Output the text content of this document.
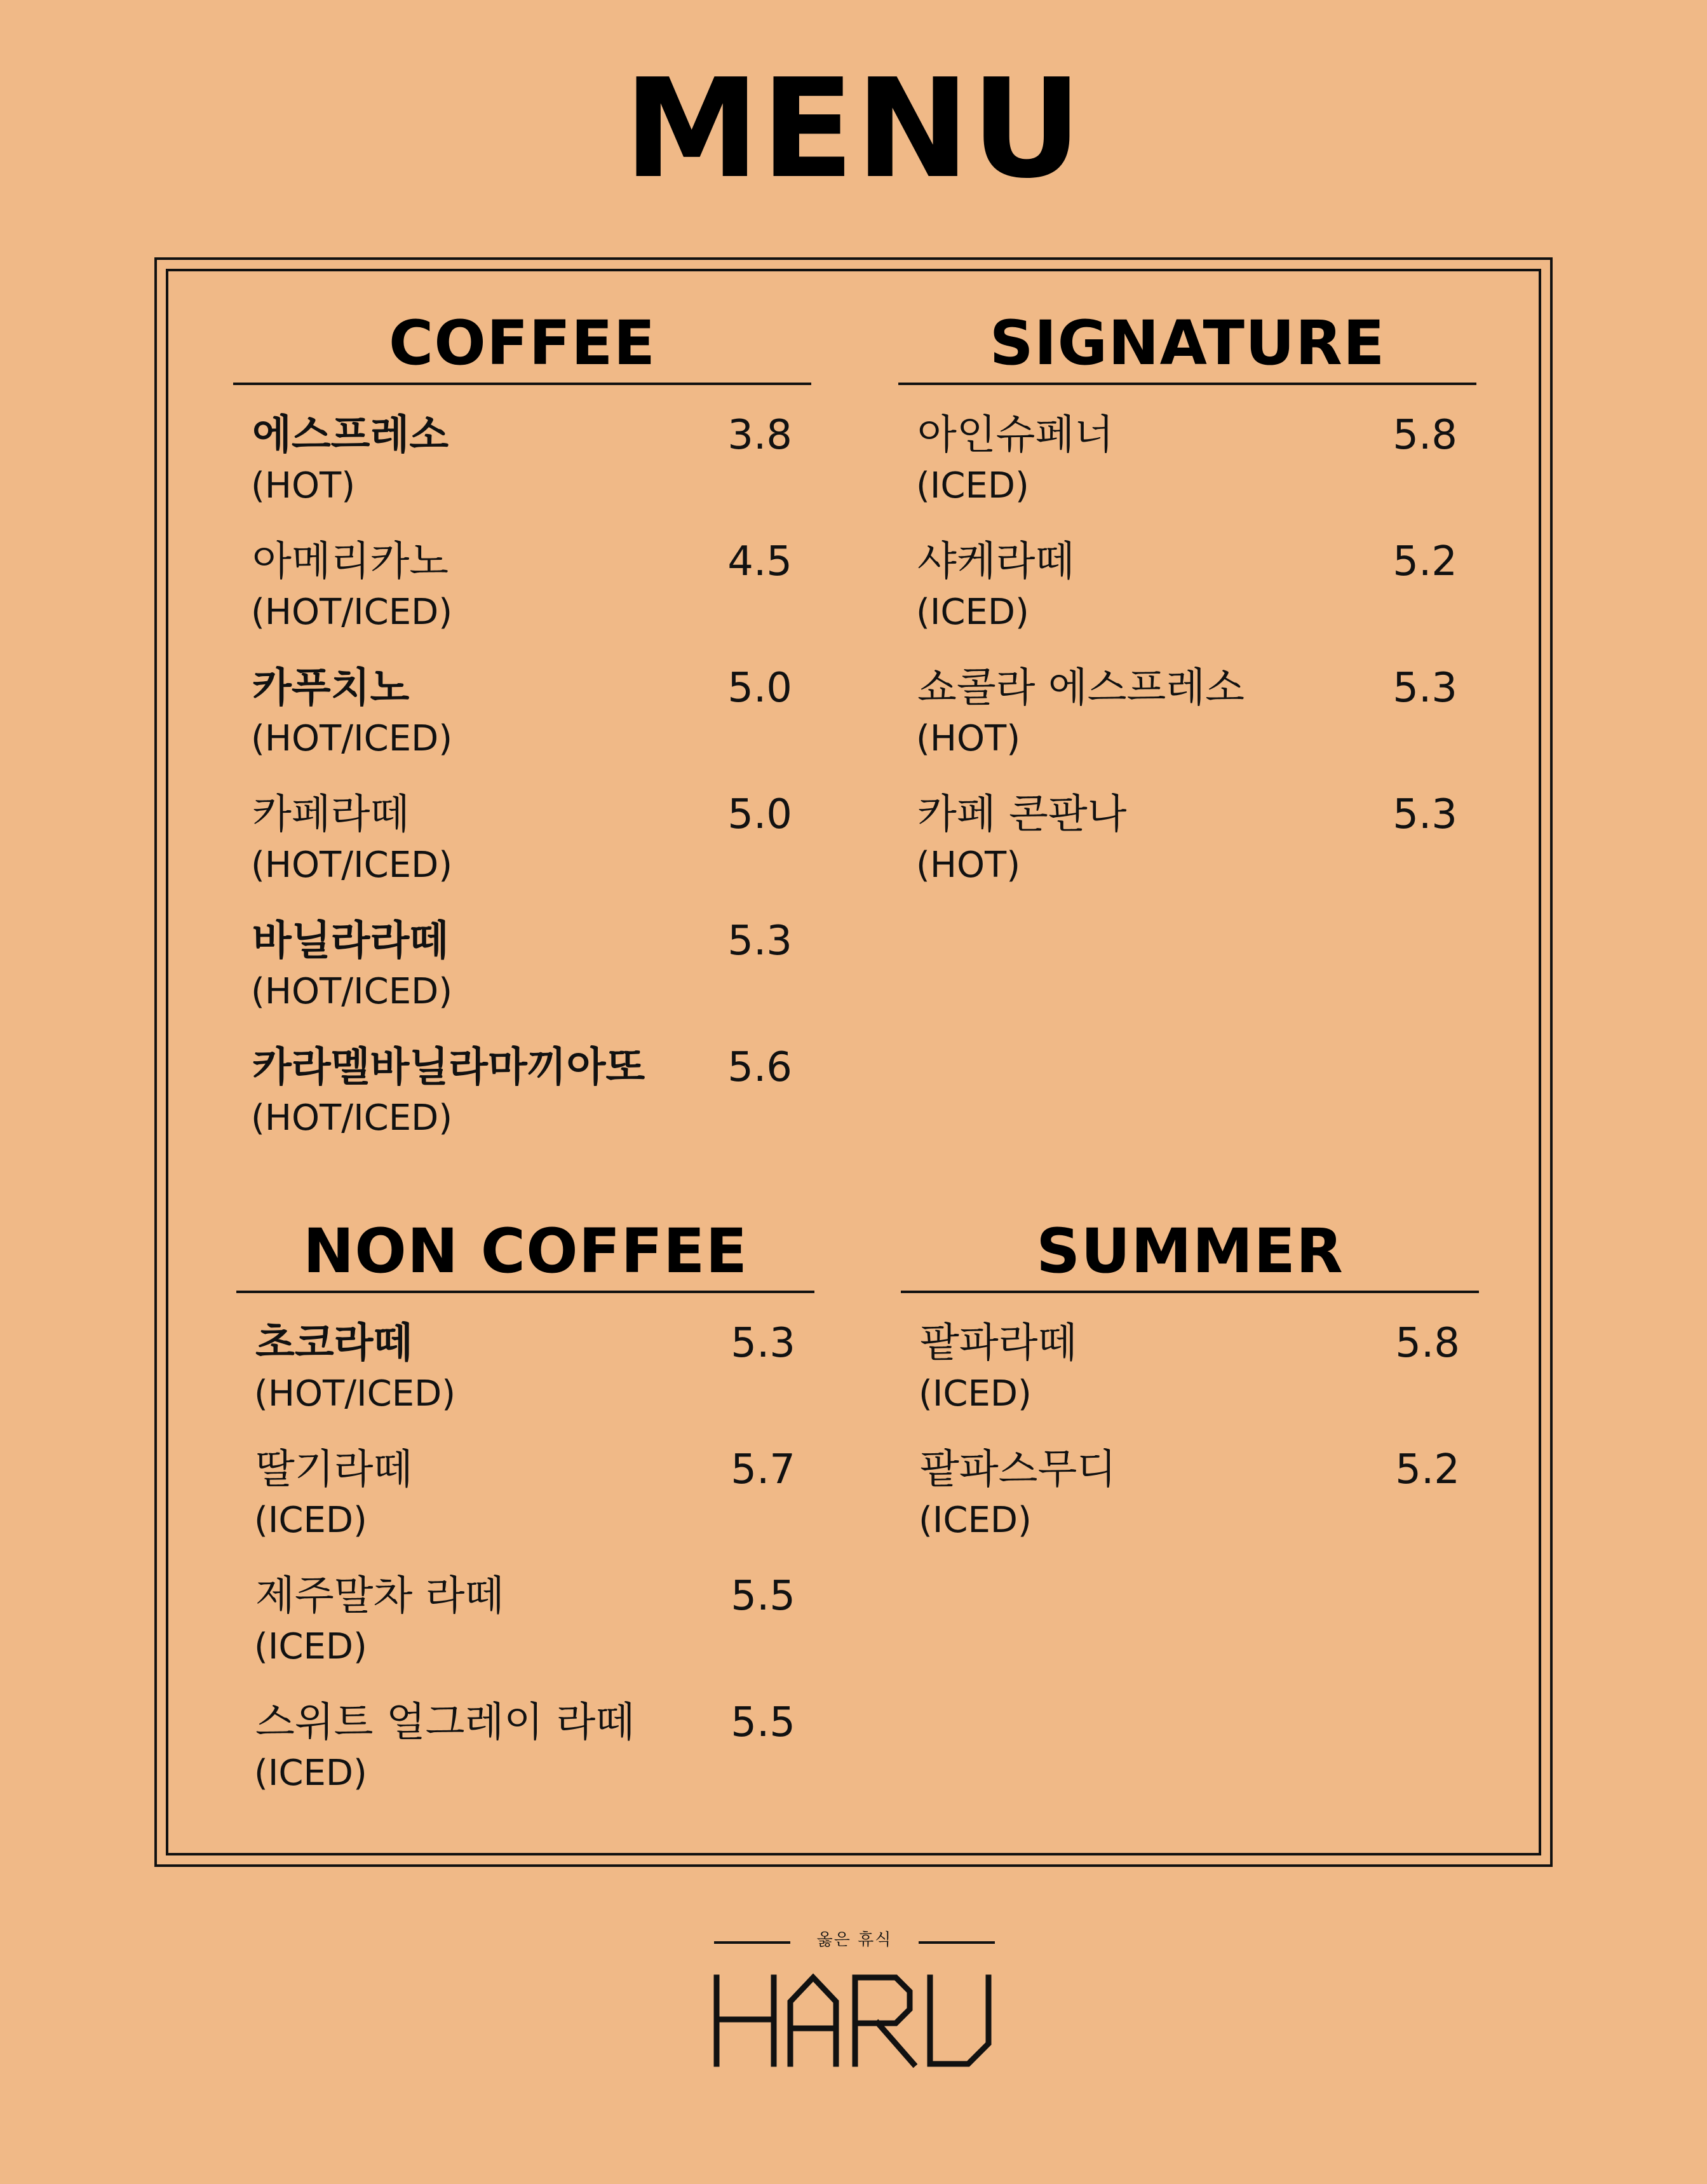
MENU
COFFEE
에스프레소	3.8
(HOT)
아메리카노	4.5
(HOT/ICED)
카푸치노	5.0
(HOT/ICED)
카페라떼	5.0
(HOT/ICED)
바닐라라떼	5.3
(HOT/ICED)
카라멜바닐라마끼아또 5.6
(HOT/ICED)
SIGNATURE
아인슈페너	5.8
(ICED)
샤케라떼	5.2
(ICED)
쇼콜라 에스프레소	5.3
(HOT)
카페 콘판나	5.3
(HOT)
NON COFFEE
초코라떼	5.3
(HOT/ICED)
딸기라떼	5.7
(ICED)
제주말차 라떼	5.5
(ICED)
스위트 얼그레이 라떼 5.5
(ICED)
SUMMER
팥파라떼	5.8
(ICED)
팥파스무디	5.2
(ICED)
옳은 휴식
